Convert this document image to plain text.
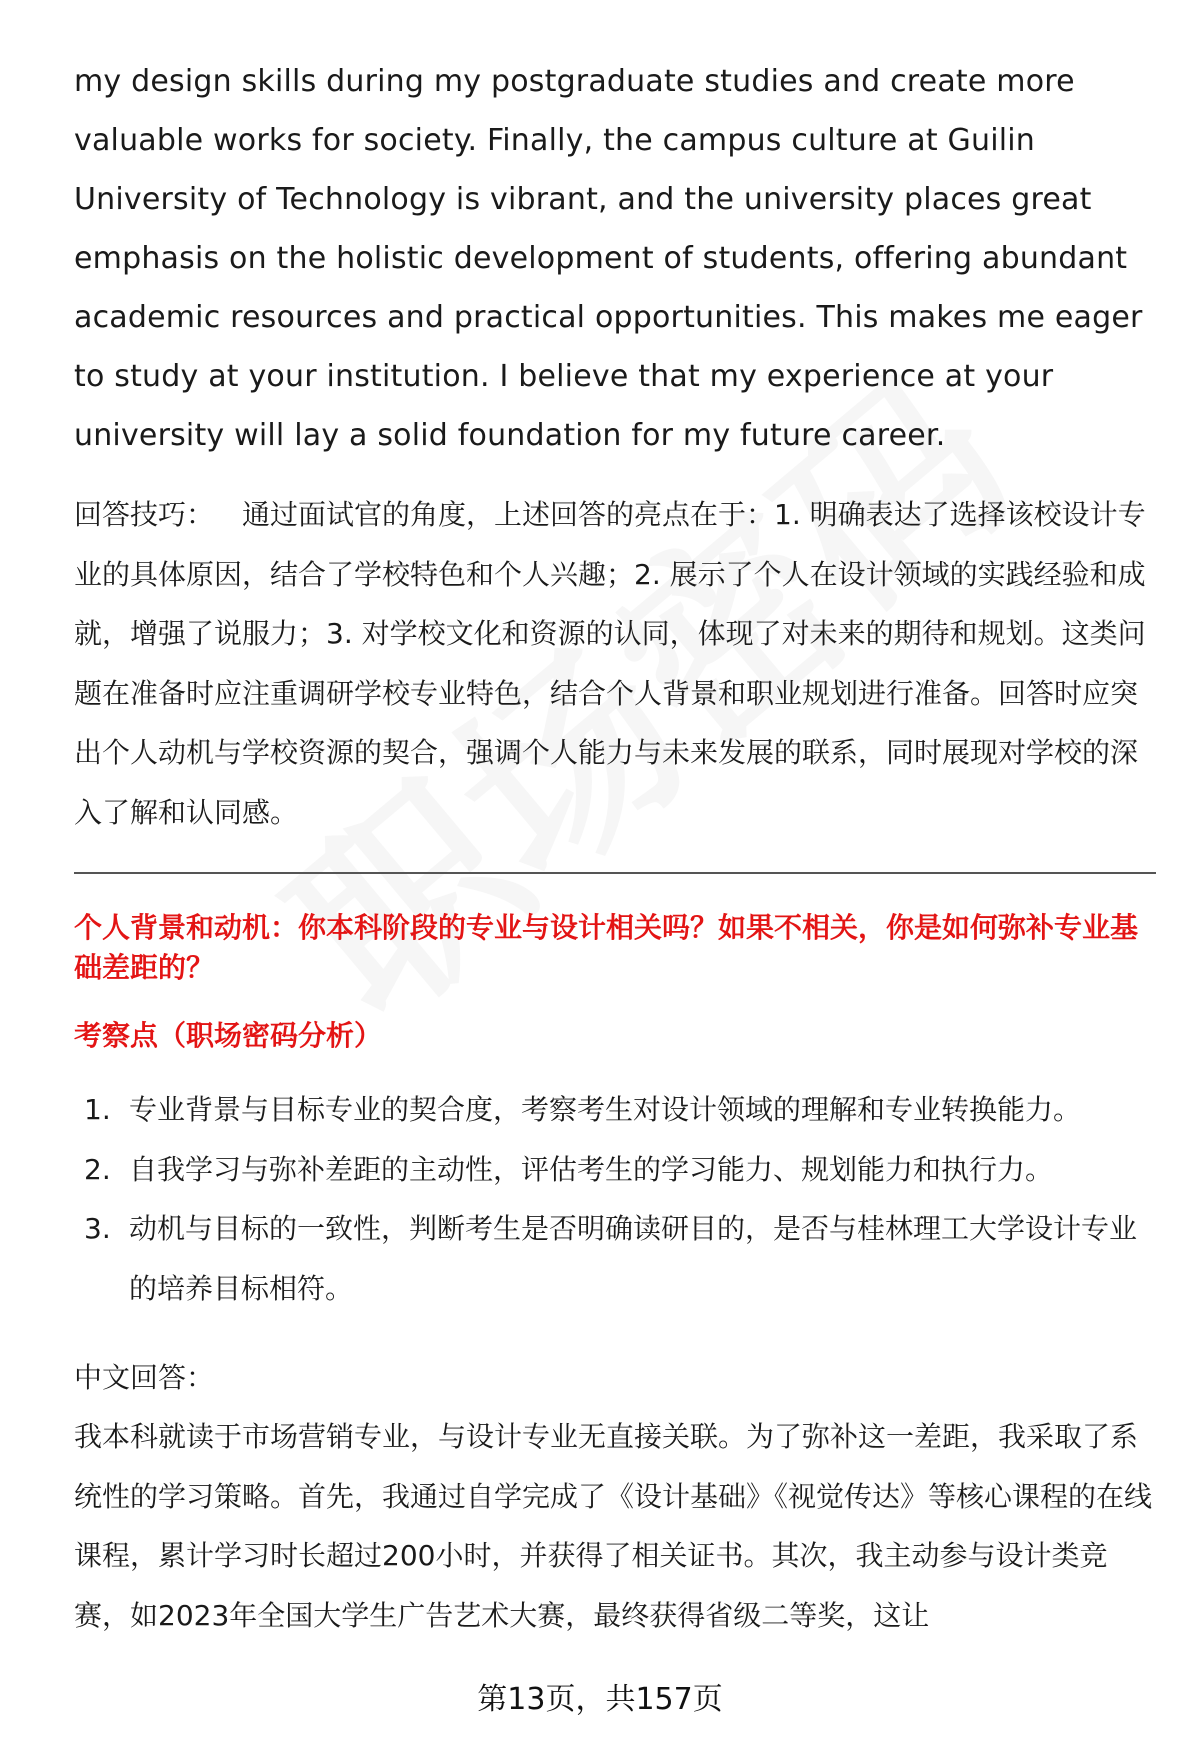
my design skills during my postgraduate studies and create more valuable works for society. Finally, the campus culture at Guilin University of Technology is vibrant, and the university places great emphasis on the holistic development of students, offering abundant academic resources and practical opportunities. This makes me eager to study at your institution. I believe that my experience at your university will lay a solid foundation for my future career.

回答技巧：  通过面试官的角度，上述回答的亮点在于：1. 明确表达了选择该校设计专业的具体原因，结合了学校特色和个人兴趣；2. 展示了个人在设计领域的实践经验和成就，增强了说服力；3. 对学校文化和资源的认同，体现了对未来的期待和规划。这类问题在准备时应注重调研学校专业特色，结合个人背景和职业规划进行准备。回答时应突出个人动机与学校资源的契合，强调个人能力与未来发展的联系，同时展现对学校的深入了解和认同感。

个人背景和动机：你本科阶段的专业与设计相关吗？如果不相关，你是如何弥补专业基础差距的？

考察点（职场密码分析）

1. 专业背景与目标专业的契合度，考察考生对设计领域的理解和专业转换能力。
2. 自我学习与弥补差距的主动性，评估考生的学习能力、规划能力和执行力。
3. 动机与目标的一致性，判断考生是否明确读研目的，是否与桂林理工大学设计专业的培养目标相符。

中文回答：

我本科就读于市场营销专业，与设计专业无直接关联。为了弥补这一差距，我采取了系统性的学习策略。首先，我通过自学完成了《设计基础》《视觉传达》等核心课程的在线课程，累计学习时长超过200小时，并获得了相关证书。其次，我主动参与设计类竞赛，如2023年全国大学生广告艺术大赛，最终获得省级二等奖，这让

第13页，共157页
